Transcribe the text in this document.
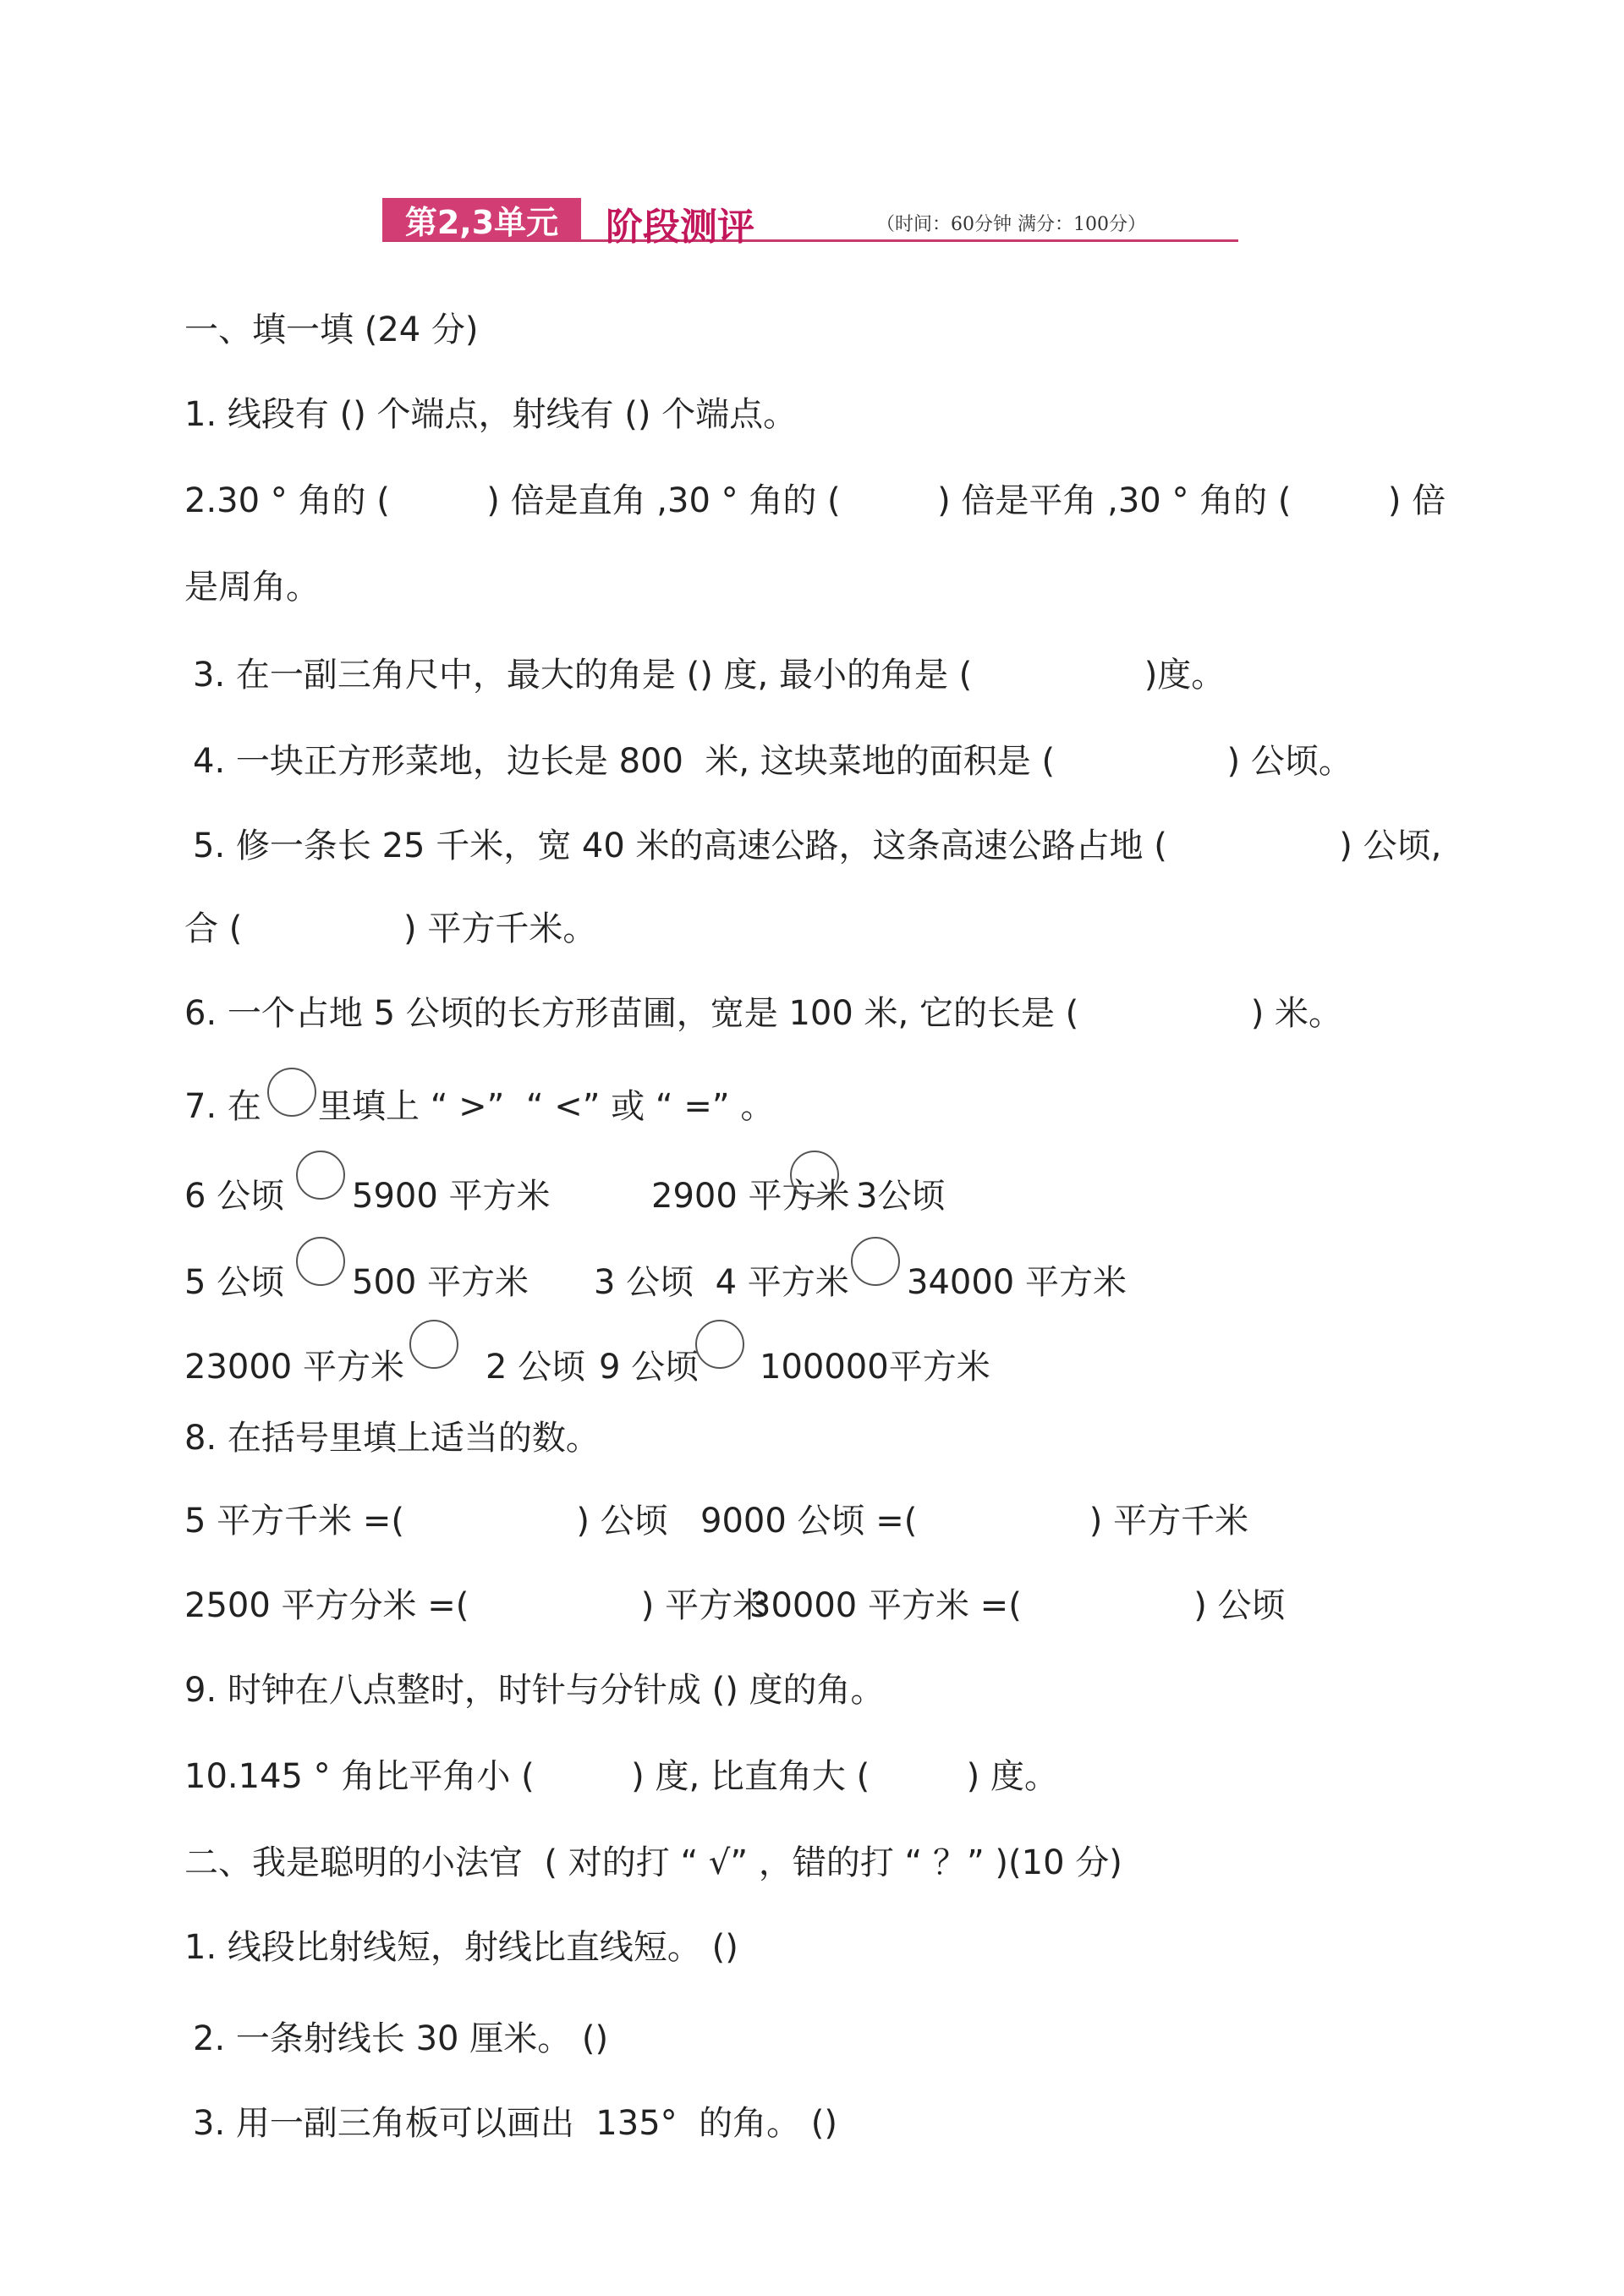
第2,3单元	阶段测评	（时间：60分钟 满分：100分）
一、填一填 (24 分)
1. 线段有 () 个端点，射线有 () 个端点。
2.30 ° 角的 (         ) 倍是直角 ,30 ° 角的 (         ) 倍是平角 ,30 ° 角的 (         ) 倍
是周角。
3. 在一副三角尺中，最大的角是 () 度, 最小的角是 (                )度。
4. 一块正方形菜地，边长是 800  米, 这块菜地的面积是 (                ) 公顷。
5. 修一条长 25 千米，宽 40 米的高速公路，这条高速公路占地 (                ) 公顷,
合 (               ) 平方千米。
6. 一个占地 5 公顷的长方形苗圃，宽是 100 米, 它的长是 (                ) 米。
7. 在 里填上 “ >”  “ <” 或 “ =” 。
6 公顷 5900 平方米	2900 平方米 3公顷
5 公顷 500 平方米 3 公顷  4 平方米 34000 平方米
23000 平方米 2 公顷 9 公顷 100000平方米
8. 在括号里填上适当的数。
5 平方千米 =(                ) 公顷 9000 公顷 =(                ) 平方千米
2500 平方分米 =(                ) 平方米
30000 平方米 =(                ) 公顷
9. 时钟在八点整时，时针与分针成 () 度的角。
10.145 ° 角比平角小 (         ) 度, 比直角大 (         ) 度。
二、我是聪明的小法官  ( 对的打 “ √” ，错的打 “ ？” )(10 分)
1. 线段比射线短，射线比直线短。 ()
2. 一条射线长 30 厘米。 ()
3. 用一副三角板可以画出  135°  的角。 ()
